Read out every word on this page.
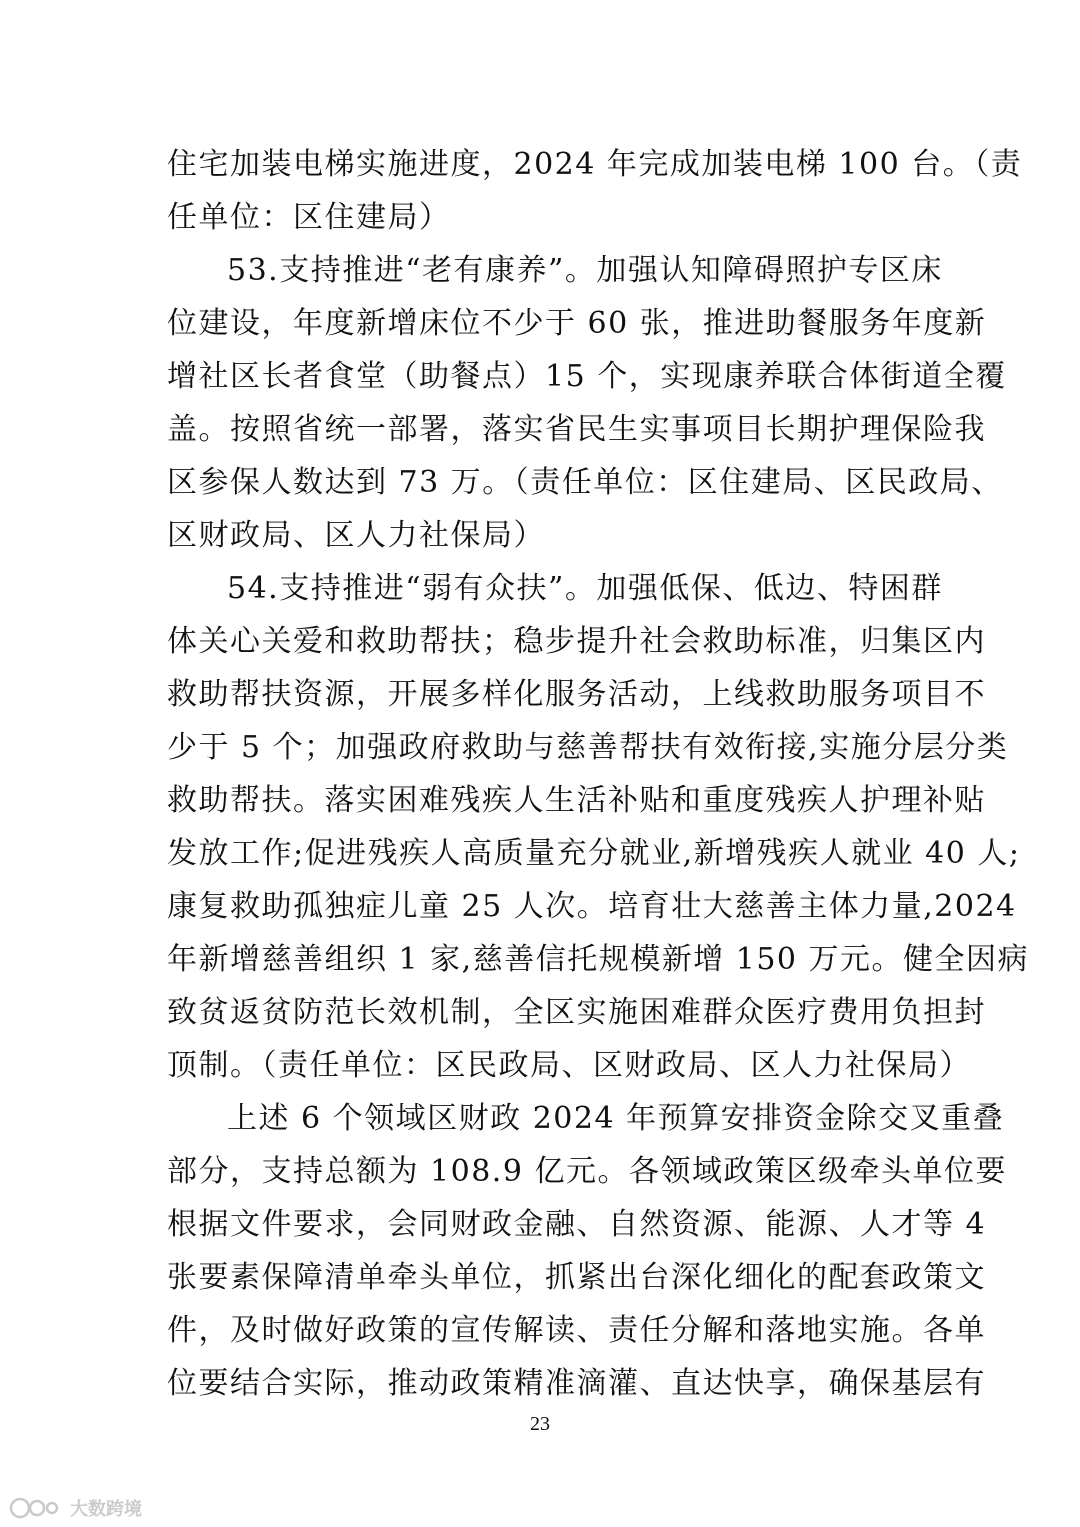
住宅加装电梯实施进度，2024 年完成加装电梯 100 台。（责
任单位：区住建局）
53.支持推进“老有康养”。加强认知障碍照护专区床
位建设，年度新增床位不少于 60 张，推进助餐服务年度新
增社区长者食堂（助餐点）15 个，实现康养联合体街道全覆
盖。按照省统一部署，落实省民生实事项目长期护理保险我
区参保人数达到 73 万。（责任单位：区住建局、区民政局、
区财政局、区人力社保局）
54.支持推进“弱有众扶”。加强低保、低边、特困群
体关心关爱和救助帮扶；稳步提升社会救助标准，归集区内
救助帮扶资源，开展多样化服务活动，上线救助服务项目不
少于 5 个；加强政府救助与慈善帮扶有效衔接,实施分层分类
救助帮扶。落实困难残疾人生活补贴和重度残疾人护理补贴
发放工作;促进残疾人高质量充分就业,新增残疾人就业 40 人;
康复救助孤独症儿童 25 人次。培育壮大慈善主体力量,2024
年新增慈善组织 1 家,慈善信托规模新增 150 万元。健全因病
致贫返贫防范长效机制，全区实施困难群众医疗费用负担封
顶制。（责任单位：区民政局、区财政局、区人力社保局）
上述 6 个领域区财政 2024 年预算安排资金除交叉重叠
部分，支持总额为 108.9 亿元。各领域政策区级牵头单位要
根据文件要求，会同财政金融、自然资源、能源、人才等 4
张要素保障清单牵头单位，抓紧出台深化细化的配套政策文
件，及时做好政策的宣传解读、责任分解和落地实施。各单
位要结合实际，推动政策精准滴灌、直达快享，确保基层有
23
大数跨境
